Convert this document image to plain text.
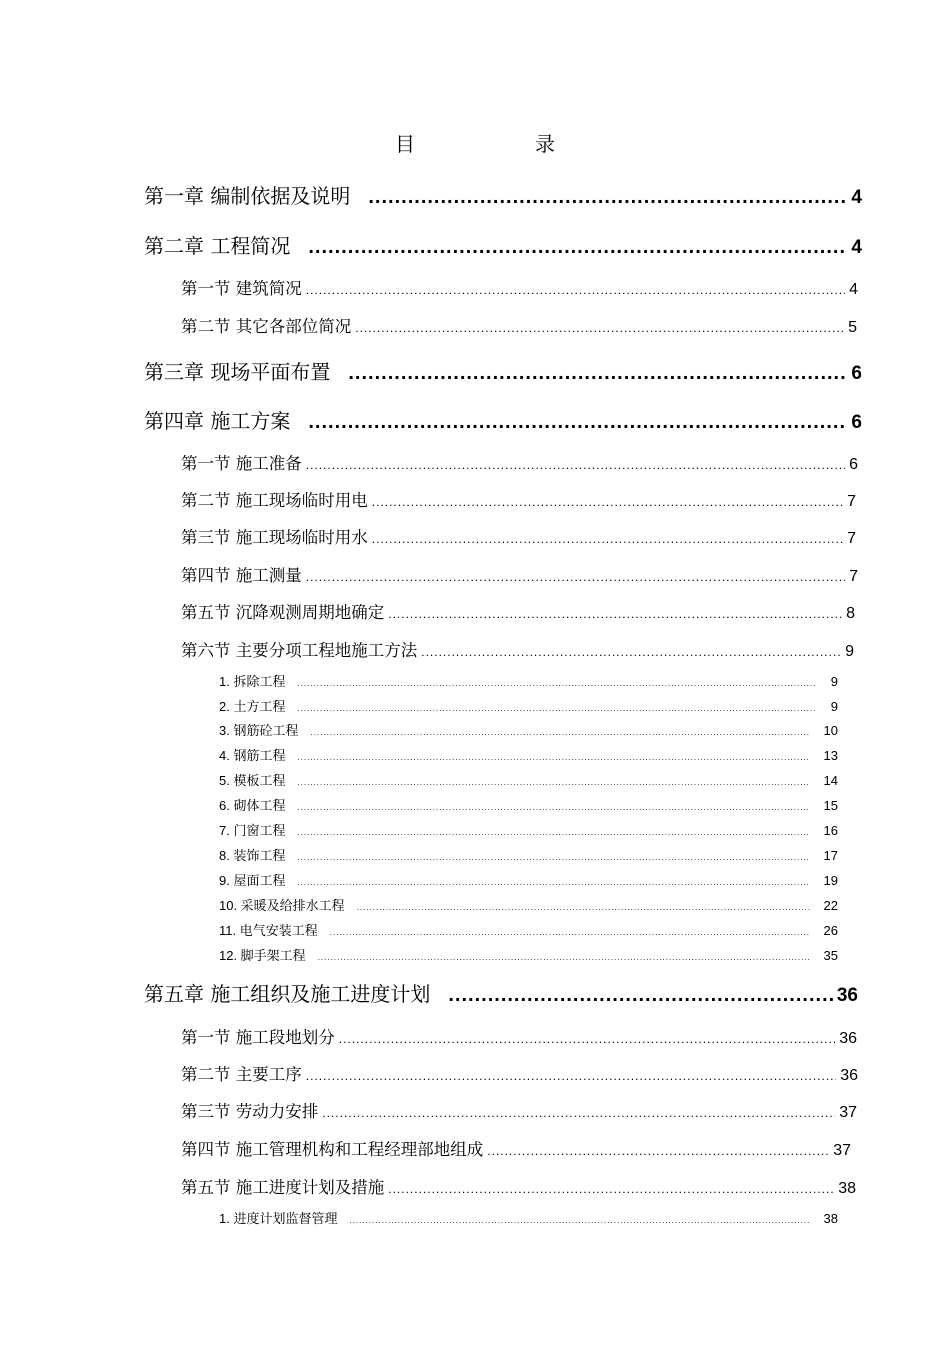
目　录
第一章 编制依据及说明 .....	4
第二章 工程简况 .....	4
第一节 建筑简况 .....	4
第二节 其它各部位简况 .....	5
第三章 现场平面布置 .....	6
第四章 施工方案 .....	6
第一节 施工准备 .....	6
第二节 施工现场临时用电 .....	7
第三节 施工现场临时用水 .....	7
第四节 施工测量 .....	7
第五节 沉降观测周期地确定 .....	8
第六节 主要分项工程地施工方法 .....	9
1. 拆除工程 .....	9
2. 土方工程 .....	9
3. 钢筋砼工程 .....	10
4. 钢筋工程 .....	13
5. 模板工程 .....	14
6. 砌体工程 .....	15
7. 门窗工程 .....	16
8. 装饰工程 .....	17
9. 屋面工程 .....	19
10. 采暖及给排水工程 .....	22
11. 电气安装工程 .....	26
12. 脚手架工程 .....	35
第五章 施工组织及施工进度计划 .....	36
第一节 施工段地划分 .....	36
第二节 主要工序 .....	36
第三节 劳动力安排 .....	37
第四节 施工管理机构和工程经理部地组成 .....	37
第五节 施工进度计划及措施 .....	38
1. 进度计划监督管理 .....	38
